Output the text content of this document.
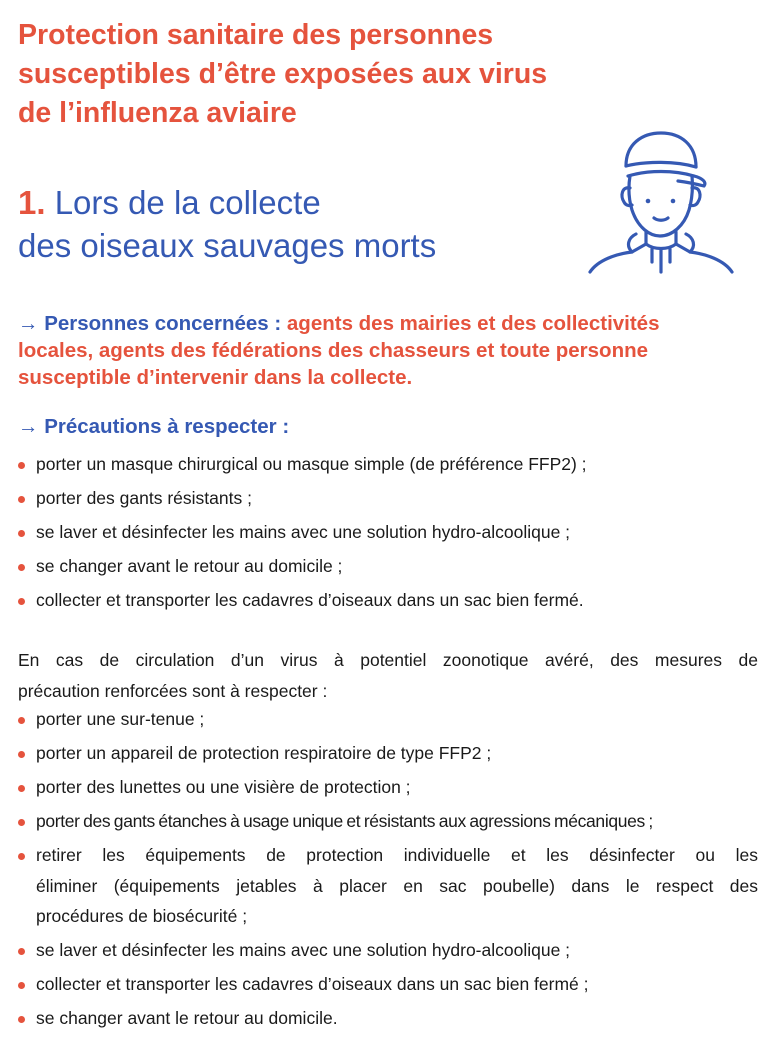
Protection sanitaire des personnes
susceptibles d’être exposées aux virus
de l’influenza aviaire
1. Lors de la collecte
des oiseaux sauvages morts

→ Personnes concernées : agents des mairies et des collectivités
locales, agents des fédérations des chasseurs et toute personne
susceptible d’intervenir dans la collecte.

→ Précautions à respecter :
porter un masque chirurgical ou masque simple (de préférence FFP2) ;
porter des gants résistants ;
se laver et désinfecter les mains avec une solution hydro-alcoolique ;
se changer avant le retour au domicile ;
collecter et transporter les cadavres d’oiseaux dans un sac bien fermé.

En cas de circulation d’un virus à potentiel zoonotique avéré, des mesures de
précaution renforcées sont à respecter :

porter une sur-tenue ;
porter un appareil de protection respiratoire de type FFP2 ;
porter des lunettes ou une visière de protection ;
porter des gants étanches à usage unique et résistants aux agressions mécaniques ;
retirer les équipements de protection individuelle et les désinfecter ou les
éliminer (équipements jetables à placer en sac poubelle) dans le respect des
procédures de biosécurité ;
se laver et désinfecter les mains avec une solution hydro-alcoolique ;
collecter et transporter les cadavres d’oiseaux dans un sac bien fermé ;
se changer avant le retour au domicile.
